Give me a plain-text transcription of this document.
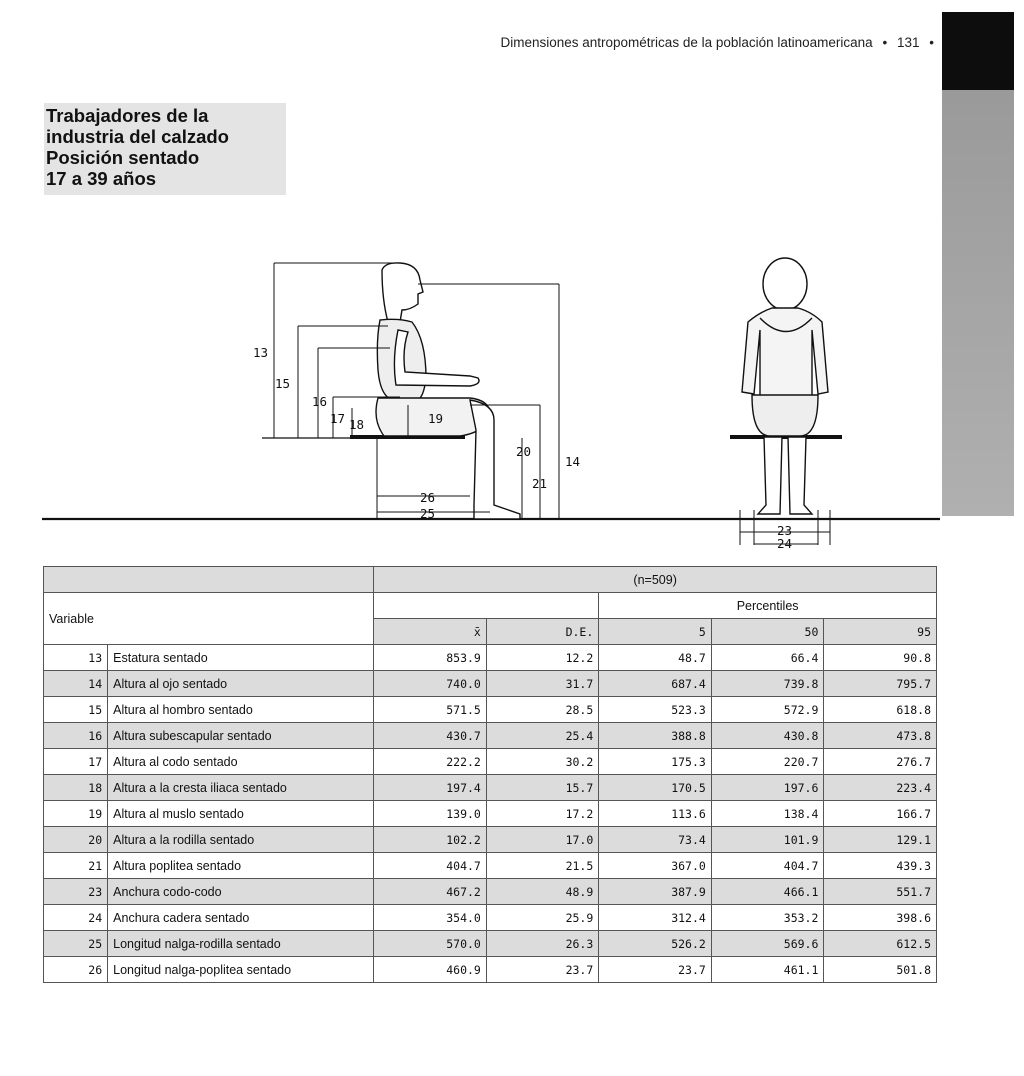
Dimensiones antropométricas de la población latinoamericana • 131 •
Trabajadores de la
industria del calzado
Posición sentado
17 a 39 años
13
14
15
16
17 18	19
20
21
23
24
25
26
		(n=509)				
Variable				Percentiles		
		x̄	D.E.	5	50	95
13	Estatura sentado	853.9	12.2	48.7	66.4	90.8
14	Altura al ojo sentado	740.0	31.7	687.4	739.8	795.7
15	Altura al hombro sentado	571.5	28.5	523.3	572.9	618.8
16	Altura subescapular sentado	430.7	25.4	388.8	430.8	473.8
17	Altura al codo sentado	222.2	30.2	175.3	220.7	276.7
18	Altura a la cresta iliaca sentado	197.4	15.7	170.5	197.6	223.4
19	Altura al muslo sentado	139.0	17.2	113.6	138.4	166.7
20	Altura a la rodilla sentado	102.2	17.0	73.4	101.9	129.1
21	Altura poplitea sentado	404.7	21.5	367.0	404.7	439.3
23	Anchura codo-codo	467.2	48.9	387.9	466.1	551.7
24	Anchura cadera sentado	354.0	25.9	312.4	353.2	398.6
25	Longitud nalga-rodilla sentado	570.0	26.3	526.2	569.6	612.5
26	Longitud nalga-poplitea sentado	460.9	23.7	23.7	461.1	501.8
